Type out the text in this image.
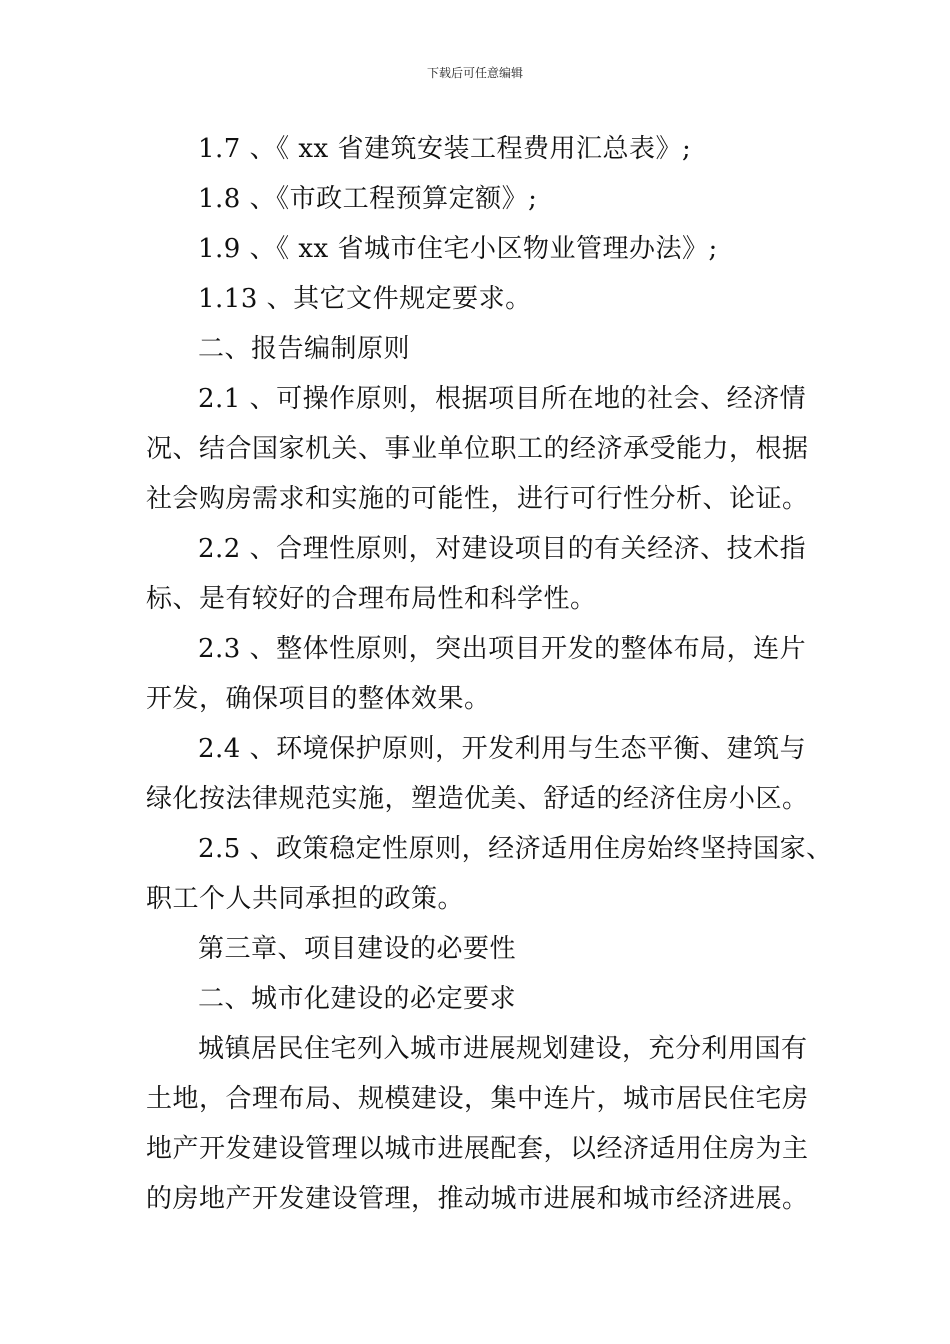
下载后可任意编辑
1.7 、《 xx 省建筑安装工程费用汇总表》;
1.8 、《市政工程预算定额》;
1.9 、《 xx 省城市住宅小区物业管理办法》;
1.13 、其它文件规定要求。
二、报告编制原则
2.1 、可操作原则，根据项目所在地的社会、经济情
况、结合国家机关、事业单位职工的经济承受能力，根据
社会购房需求和实施的可能性，进行可行性分析、论证。
2.2 、合理性原则，对建设项目的有关经济、技术指
标、是有较好的合理布局性和科学性。
2.3 、整体性原则，突出项目开发的整体布局，连片
开发，确保项目的整体效果。
2.4 、环境保护原则，开发利用与生态平衡、建筑与
绿化按法律规范实施，塑造优美、舒适的经济住房小区。
2.5 、政策稳定性原则，经济适用住房始终坚持国家、
职工个人共同承担的政策。
第三章、项目建设的必要性
二、城市化建设的必定要求
城镇居民住宅列入城市进展规划建设，充分利用国有
土地，合理布局、规模建设，集中连片，城市居民住宅房
地产开发建设管理以城市进展配套，以经济适用住房为主
的房地产开发建设管理，推动城市进展和城市经济进展。
